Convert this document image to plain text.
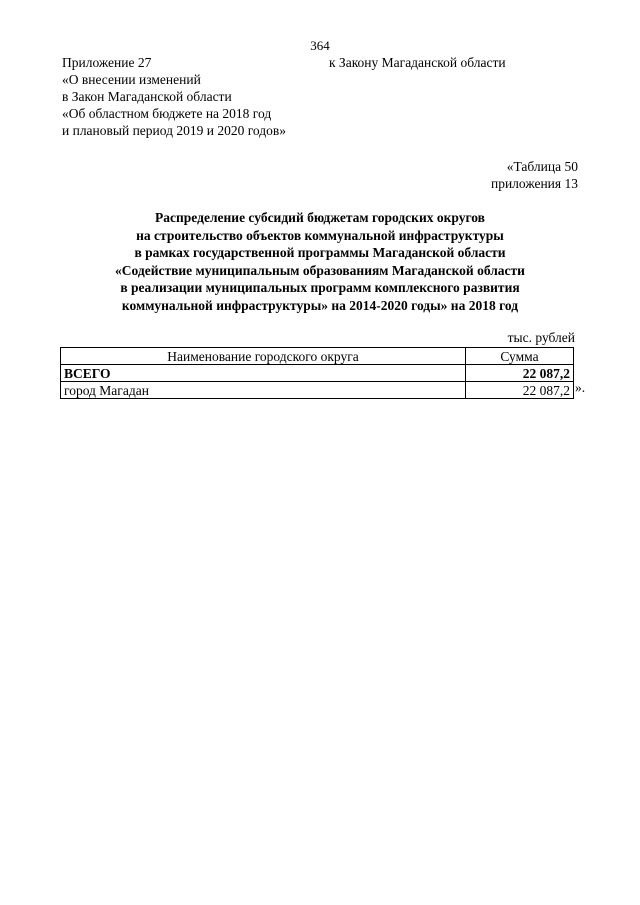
364
Приложение 27
«О внесении изменений
в Закон Магаданской области
«Об областном бюджете на 2018 год
и плановый период 2019 и 2020 годов»
к Закону Магаданской области
«Таблица 50
приложения 13
Распределение субсидий бюджетам городских округов
на строительство объектов коммунальной инфраструктуры
в рамках государственной программы Магаданской области
«Содействие муниципальным образованиям Магаданской области
в реализации муниципальных программ комплексного развития
коммунальной инфраструктуры» на 2014-2020 годы» на 2018 год
тыс. рублей
Наименование городского округа	Сумма
ВСЕГО	22 087,2
город Магадан	22 087,2 ».
